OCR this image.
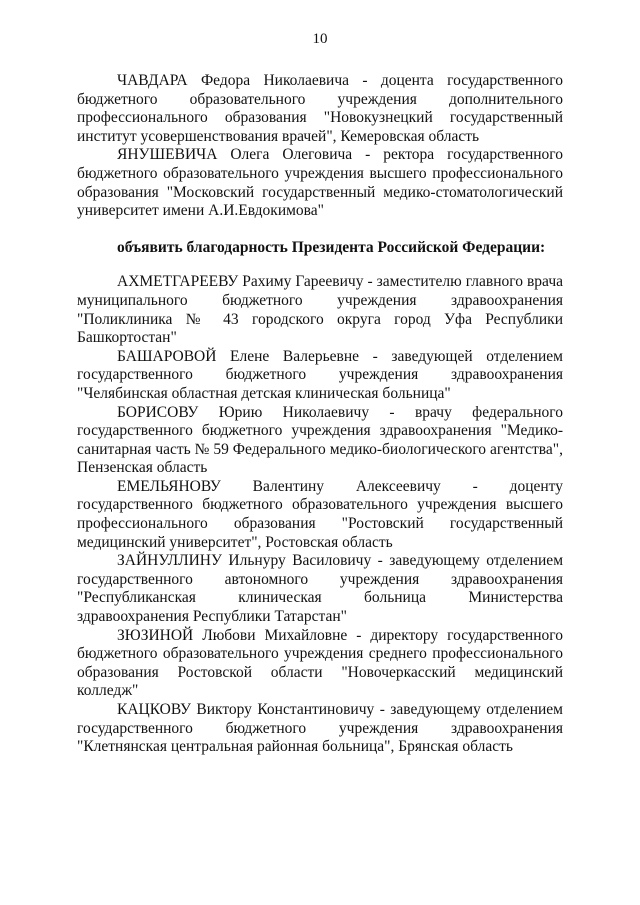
10

ЧАВДАРА Федора Николаевича - доцента государственного бюджетного образовательного учреждения дополнительного профессионального образования "Новокузнецкий государственный институт усовершенствования врачей", Кемеровская область

ЯНУШЕВИЧА Олега Олеговича - ректора государственного бюджетного образовательного учреждения высшего профессионального образования "Московский государственный медико-стоматологический университет имени А.И.Евдокимова"

объявить благодарность Президента Российской Федерации:

АХМЕТГАРЕЕВУ Рахиму Гареевичу - заместителю главного врача муниципального бюджетного учреждения здравоохранения "Поликлиника № 43 городского округа город Уфа Республики Башкортостан"

БАШАРОВОЙ Елене Валерьевне - заведующей отделением государственного бюджетного учреждения здравоохранения "Челябинская областная детская клиническая больница"

БОРИСОВУ Юрию Николаевичу - врачу федерального государственного бюджетного учреждения здравоохранения "Медико-санитарная часть № 59 Федерального медико-биологического агентства", Пензенская область

ЕМЕЛЬЯНОВУ Валентину Алексеевичу - доценту государственного бюджетного образовательного учреждения высшего профессионального образования "Ростовский государственный медицинский университет", Ростовская область

ЗАЙНУЛЛИНУ Ильнуру Василовичу - заведующему отделением государственного автономного учреждения здравоохранения "Республиканская клиническая больница Министерства здравоохранения Республики Татарстан"

ЗЮЗИНОЙ Любови Михайловне - директору государственного бюджетного образовательного учреждения среднего профессионального образования Ростовской области "Новочеркасский медицинский колледж"

КАЦКОВУ Виктору Константиновичу - заведующему отделением государственного бюджетного учреждения здравоохранения "Клетнянская центральная районная больница", Брянская область
